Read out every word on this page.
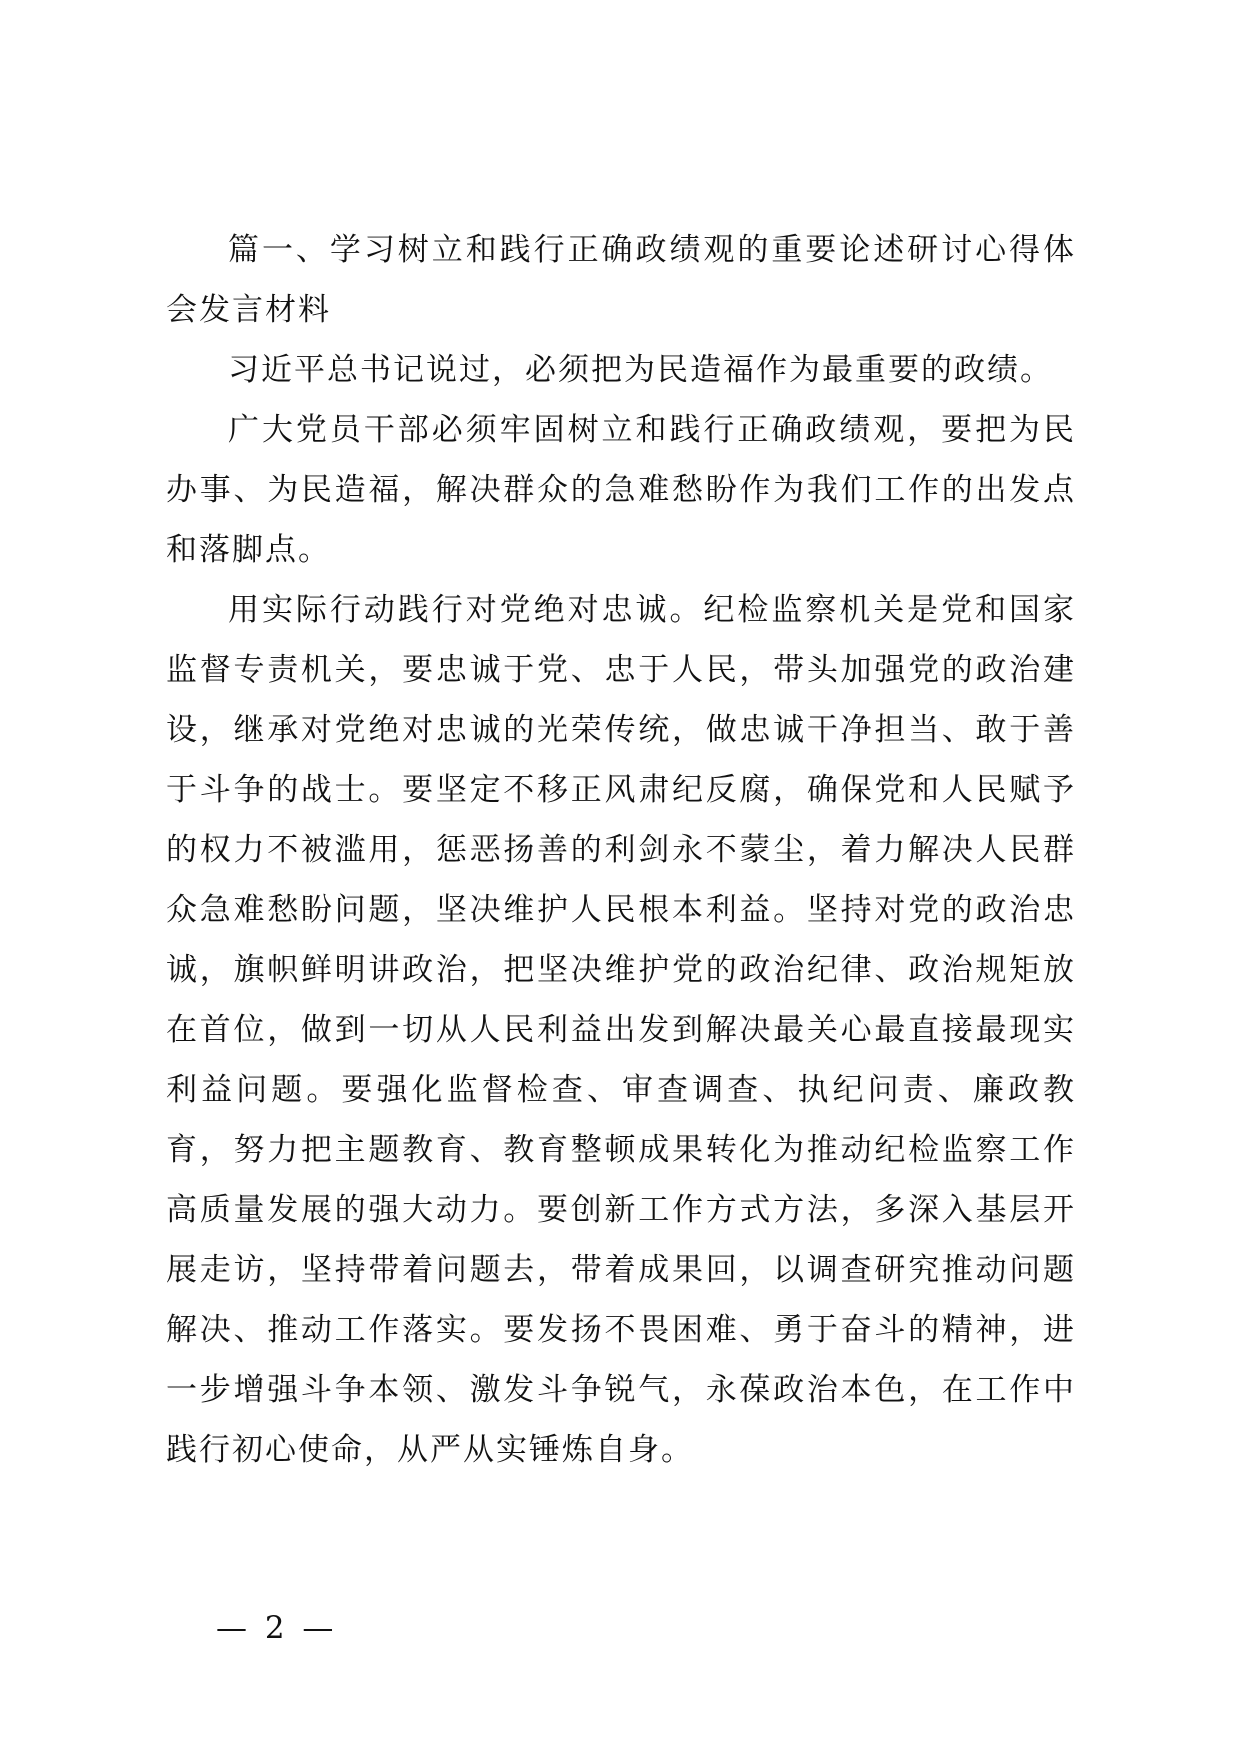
篇一、学习树立和践行正确政绩观的重要论述研讨心得体会发言材料

习近平总书记说过，必须把为民造福作为最重要的政绩。

广大党员干部必须牢固树立和践行正确政绩观，要把为民办事、为民造福，解决群众的急难愁盼作为我们工作的出发点和落脚点。

用实际行动践行对党绝对忠诚。纪检监察机关是党和国家监督专责机关，要忠诚于党、忠于人民，带头加强党的政治建设，继承对党绝对忠诚的光荣传统，做忠诚干净担当、敢于善于斗争的战士。要坚定不移正风肃纪反腐，确保党和人民赋予的权力不被滥用，惩恶扬善的利剑永不蒙尘，着力解决人民群众急难愁盼问题，坚决维护人民根本利益。坚持对党的政治忠诚，旗帜鲜明讲政治，把坚决维护党的政治纪律、政治规矩放在首位，做到一切从人民利益出发到解决最关心最直接最现实利益问题。要强化监督检查、审查调查、执纪问责、廉政教育，努力把主题教育、教育整顿成果转化为推动纪检监察工作高质量发展的强大动力。要创新工作方式方法，多深入基层开展走访，坚持带着问题去，带着成果回，以调查研究推动问题解决、推动工作落实。要发扬不畏困难、勇于奋斗的精神，进一步增强斗争本领、激发斗争锐气，永葆政治本色，在工作中践行初心使命，从严从实锤炼自身。

— 2 —
